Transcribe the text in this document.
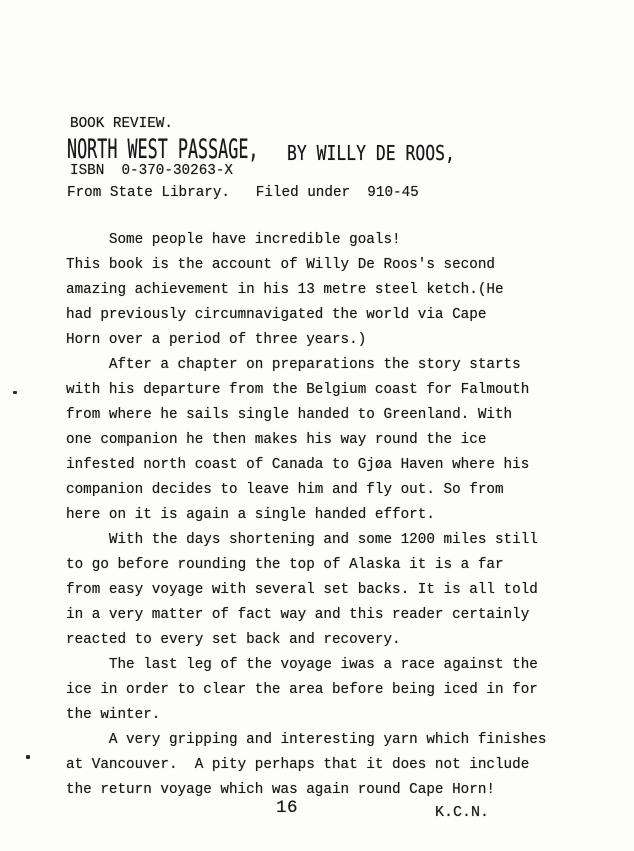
BOOK REVIEW.
NORTH WEST PASSAGE, BY WILLY DE ROOS,
ISBN  0-370-30263-X
From State Library.   Filed under  910-45
Some people have incredible goals!
This book is the account of Willy De Roos's second
amazing achievement in his 13 metre steel ketch.(He
had previously circumnavigated the world via Cape
Horn over a period of three years.)
After a chapter on preparations the story starts
with his departure from the Belgium coast for Falmouth
from where he sails single handed to Greenland. With
one companion he then makes his way round the ice
infested north coast of Canada to Gjøa Haven where his
companion decides to leave him and fly out. So from
here on it is again a single handed effort.
With the days shortening and some 1200 miles still
to go before rounding the top of Alaska it is a far
from easy voyage with several set backs. It is all told
in a very matter of fact way and this reader certainly
reacted to every set back and recovery.
The last leg of the voyage iwas a race against the
ice in order to clear the area before being iced in for
the winter.
A very gripping and interesting yarn which finishes
at Vancouver.  A pity perhaps that it does not include
the return voyage which was again round Cape Horn!
16	K.C.N.
